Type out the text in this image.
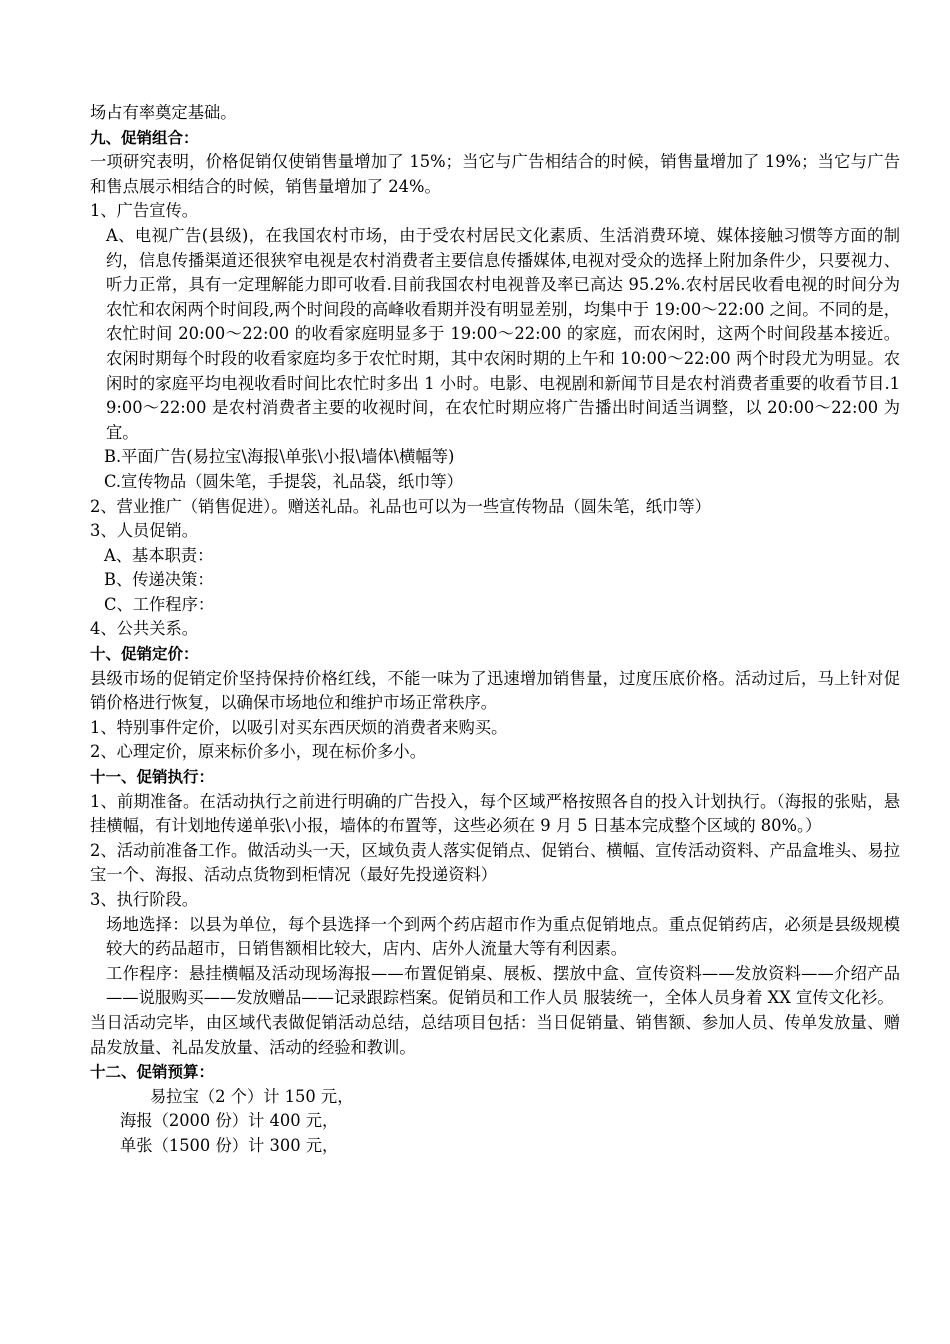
场占有率奠定基础。

九、促销组合：

一项研究表明，价格促销仅使销售量增加了 15%；当它与广告相结合的时候，销售量增加了 19%；当它与广告和售点展示相结合的时候，销售量增加了 24%。

1、广告宣传。

A、电视广告(县级)，在我国农村市场，由于受农村居民文化素质、生活消费环境、媒体接触习惯等方面的制约，信息传播渠道还很狭窄电视是农村消费者主要信息传播媒体,电视对受众的选择上附加条件少，只要视力、听力正常，具有一定理解能力即可收看.目前我国农村电视普及率已高达 95.2%.农村居民收看电视的时间分为农忙和农闲两个时间段,两个时间段的高峰收看期并没有明显差别，均集中于 19:00～22:00 之间。不同的是，农忙时间 20:00～22:00 的收看家庭明显多于 19:00～22:00 的家庭，而农闲时，这两个时间段基本接近。农闲时期每个时段的收看家庭均多于农忙时期，其中农闲时期的上午和 10:00～22:00 两个时段尤为明显。农闲时的家庭平均电视收看时间比农忙时多出 1 小时。电影、电视剧和新闻节目是农村消费者重要的收看节目.19:00～22:00 是农村消费者主要的收视时间，在农忙时期应将广告播出时间适当调整，以 20:00～22:00 为宜。

B.平面广告(易拉宝\海报\单张\小报\墙体\横幅等)

C.宣传物品（圆朱笔，手提袋，礼品袋，纸巾等）

2、营业推广（销售促进）。赠送礼品。礼品也可以为一些宣传物品（圆朱笔，纸巾等）

3、人员促销。

A、基本职责：

B、传递决策：

C、工作程序：

4、公共关系。

十、促销定价：

县级市场的促销定价坚持保持价格红线，不能一味为了迅速增加销售量，过度压底价格。活动过后，马上针对促销价格进行恢复，以确保市场地位和维护市场正常秩序。

1、特别事件定价，以吸引对买东西厌烦的消费者来购买。

2、心理定价，原来标价多小，现在标价多小。

十一、促销执行：

1、前期准备。在活动执行之前进行明确的广告投入，每个区域严格按照各自的投入计划执行。（海报的张贴，悬挂横幅，有计划地传递单张\小报，墙体的布置等，这些必须在 9 月 5 日基本完成整个区域的 80%。）

2、活动前准备工作。做活动头一天，区域负责人落实促销点、促销台、横幅、宣传活动资料、产品盒堆头、易拉宝一个、海报、活动点货物到柜情况（最好先投递资料）

3、执行阶段。

场地选择：以县为单位，每个县选择一个到两个药店超市作为重点促销地点。重点促销药店，必须是县级规模较大的药品超市，日销售额相比较大，店内、店外人流量大等有利因素。

工作程序：悬挂横幅及活动现场海报——布置促销桌、展板、摆放中盒、宣传资料——发放资料——介绍产品——说服购买——发放赠品——记录跟踪档案。促销员和工作人员 服装统一，全体人员身着 XX 宣传文化衫。

当日活动完毕，由区域代表做促销活动总结，总结项目包括：当日促销量、销售额、参加人员、传单发放量、赠品发放量、礼品发放量、活动的经验和教训。

十二、促销预算：

易拉宝（2 个）计 150 元，

海报（2000 份）计 400 元，

单张（1500 份）计 300 元，
